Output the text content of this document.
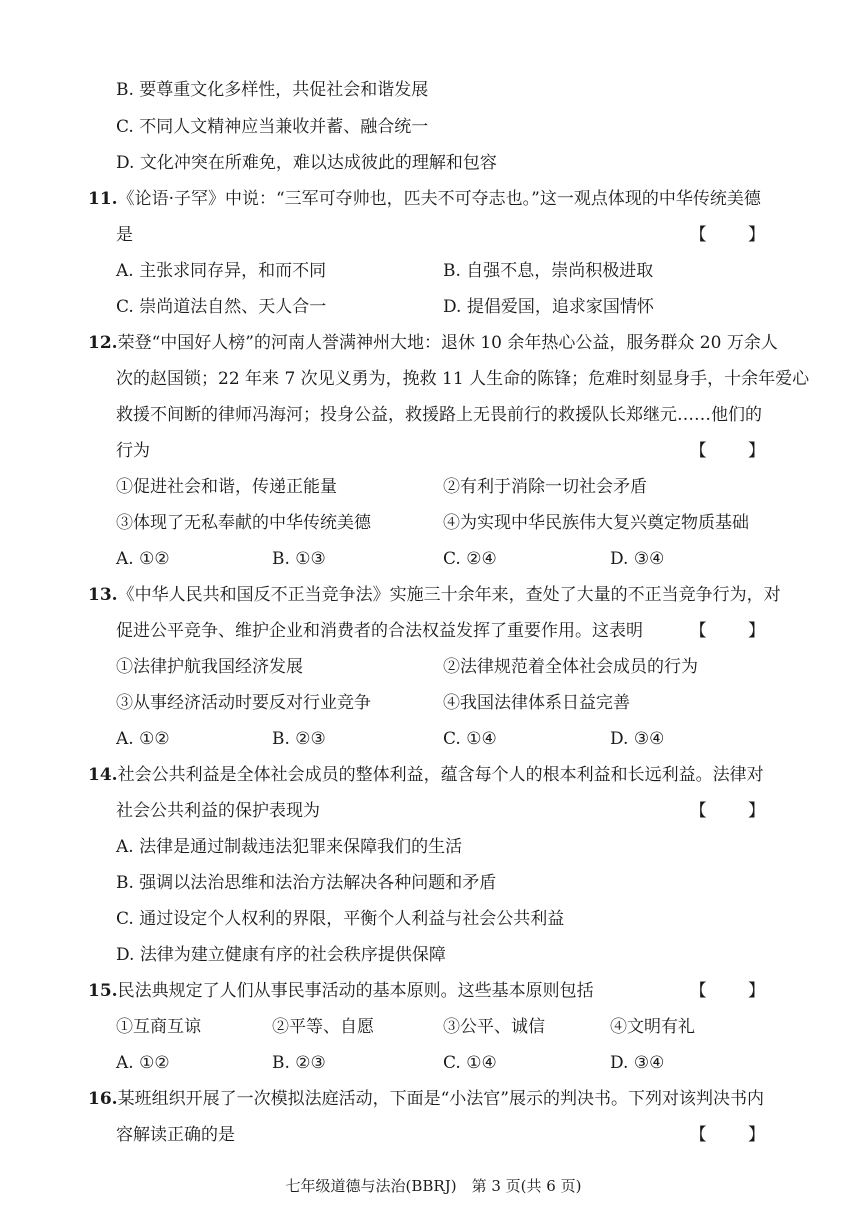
B. 要尊重文化多样性，共促社会和谐发展
C. 不同人文精神应当兼收并蓄、融合统一
D. 文化冲突在所难免，难以达成彼此的理解和包容
11.《论语·子罕》中说：“三军可夺帅也，匹夫不可夺志也。”这一观点体现的中华传统美德
是	【 】
A. 主张求同存异，和而不同	B. 自强不息，崇尚积极进取
C. 崇尚道法自然、天人合一	D. 提倡爱国，追求家国情怀
12.荣登“中国好人榜”的河南人誉满神州大地：退休 10 余年热心公益，服务群众 20 万余人
次的赵国锁；22 年来 7 次见义勇为，挽救 11 人生命的陈锋；危难时刻显身手，十余年爱心
救援不间断的律师冯海河；投身公益，救援路上无畏前行的救援队长郑继元……他们的
行为	【 】
①促进社会和谐，传递正能量	②有利于消除一切社会矛盾
③体现了无私奉献的中华传统美德	④为实现中华民族伟大复兴奠定物质基础
A. ①②	B. ①③	C. ②④	D. ③④
13.《中华人民共和国反不正当竞争法》实施三十余年来，查处了大量的不正当竞争行为，对
促进公平竞争、维护企业和消费者的合法权益发挥了重要作用。这表明	【 】
①法律护航我国经济发展	②法律规范着全体社会成员的行为
③从事经济活动时要反对行业竞争	④我国法律体系日益完善
A. ①②	B. ②③	C. ①④	D. ③④
14.社会公共利益是全体社会成员的整体利益，蕴含每个人的根本利益和长远利益。法律对
社会公共利益的保护表现为	【 】
A. 法律是通过制裁违法犯罪来保障我们的生活
B. 强调以法治思维和法治方法解决各种问题和矛盾
C. 通过设定个人权利的界限，平衡个人利益与社会公共利益
D. 法律为建立健康有序的社会秩序提供保障
15.民法典规定了人们从事民事活动的基本原则。这些基本原则包括	【 】
①互商互谅	②平等、自愿	③公平、诚信	④文明有礼
A. ①②	B. ②③	C. ①④	D. ③④
16.某班组织开展了一次模拟法庭活动，下面是“小法官”展示的判决书。下列对该判决书内
容解读正确的是	【 】
七年级道德与法治(BBRJ)　第 3 页(共 6 页)
